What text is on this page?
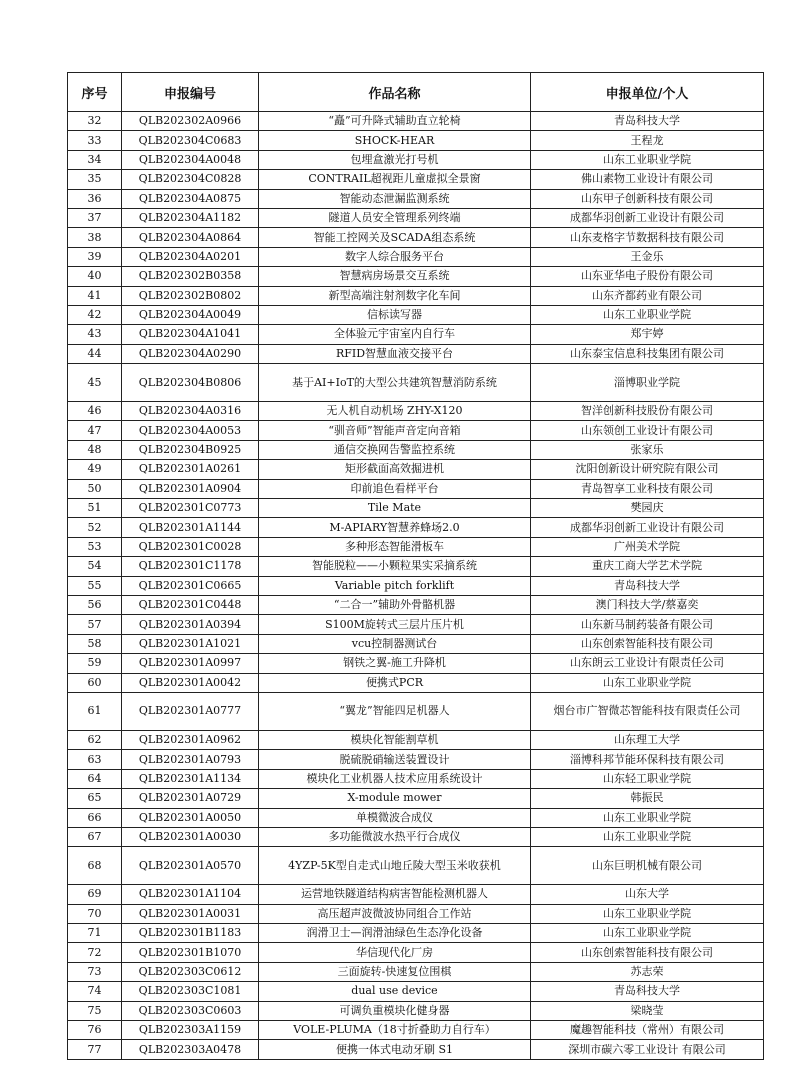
序号	申报编号	作品名称	申报单位/个人
32	QLB202302A0966	“矗”可升降式辅助直立轮椅	青岛科技大学
33	QLB202304C0683	SHOCK-HEAR	王程龙
34	QLB202304A0048	包埋盒激光打号机	山东工业职业学院
35	QLB202304C0828	CONTRAIL超视距儿童虚拟全景窗	佛山素物工业设计有限公司
36	QLB202304A0875	智能动态泄漏监测系统	山东甲子创新科技有限公司
37	QLB202304A1182	隧道人员安全管理系列终端	成都华羽创新工业设计有限公司
38	QLB202304A0864	智能工控网关及SCADA组态系统	山东麦格字节数据科技有限公司
39	QLB202304A0201	数字人综合服务平台	王金乐
40	QLB202302B0358	智慧病房场景交互系统	山东亚华电子股份有限公司
41	QLB202302B0802	新型高端注射剂数字化车间	山东齐都药业有限公司
42	QLB202304A0049	信标读写器	山东工业职业学院
43	QLB202304A1041	全体验元宇宙室内自行车	郑宇婷
44	QLB202304A0290	RFID智慧血液交接平台	山东泰宝信息科技集团有限公司
45	QLB202304B0806	基于AI+IoT的大型公共建筑智慧消防系统	淄博职业学院
46	QLB202304A0316	无人机自动机场 ZHY-X120	智洋创新科技股份有限公司
47	QLB202304A0053	“驯音师”智能声音定向音箱	山东领创工业设计有限公司
48	QLB202304B0925	通信交换网告警监控系统	张家乐
49	QLB202301A0261	矩形截面高效掘进机	沈阳创新设计研究院有限公司
50	QLB202301A0904	印前追色看样平台	青岛智享工业科技有限公司
51	QLB202301C0773	Tile Mate	樊园庆
52	QLB202301A1144	M-APIARY智慧养蜂场2.0	成都华羽创新工业设计有限公司
53	QLB202301C0028	多种形态智能滑板车	广州美术学院
54	QLB202301C1178	智能脱粒——小颗粒果实采摘系统	重庆工商大学艺术学院
55	QLB202301C0665	Variable pitch forklift	青岛科技大学
56	QLB202301C0448	“二合一”辅助外骨骼机器	澳门科技大学/蔡嘉奕
57	QLB202301A0394	S100M旋转式三层片压片机	山东新马制药装备有限公司
58	QLB202301A1021	vcu控制器测试台	山东创索智能科技有限公司
59	QLB202301A0997	钢铁之翼-施工升降机	山东朗云工业设计有限责任公司
60	QLB202301A0042	便携式PCR	山东工业职业学院
61	QLB202301A0777	“翼龙”智能四足机器人	烟台市广智微芯智能科技有限责任公司
62	QLB202301A0962	模块化智能割草机	山东理工大学
63	QLB202301A0793	脱硫脱硝输送装置设计	淄博科邦节能环保科技有限公司
64	QLB202301A1134	模块化工业机器人技术应用系统设计	山东轻工职业学院
65	QLB202301A0729	X-module mower	韩振民
66	QLB202301A0050	单模微波合成仪	山东工业职业学院
67	QLB202301A0030	多功能微波水热平行合成仪	山东工业职业学院
68	QLB202301A0570	4YZP-5K型自走式山地丘陵大型玉米收获机	山东巨明机械有限公司
69	QLB202301A1104	运营地铁隧道结构病害智能检测机器人	山东大学
70	QLB202301A0031	高压超声波微波协同组合工作站	山东工业职业学院
71	QLB202301B1183	润滑卫士—润滑油绿色生态净化设备	山东工业职业学院
72	QLB202301B1070	华信现代化厂房	山东创索智能科技有限公司
73	QLB202303C0612	三面旋转-快速复位围棋	苏志荣
74	QLB202303C1081	dual use device	青岛科技大学
75	QLB202303C0603	可调负重模块化健身器	梁晓莹
76	QLB202303A1159	VOLE-PLUMA（18寸折叠助力自行车）	魔趣智能科技（常州）有限公司
77	QLB202303A0478	便携一体式电动牙刷 S1	深圳市碳六零工业设计 有限公司
